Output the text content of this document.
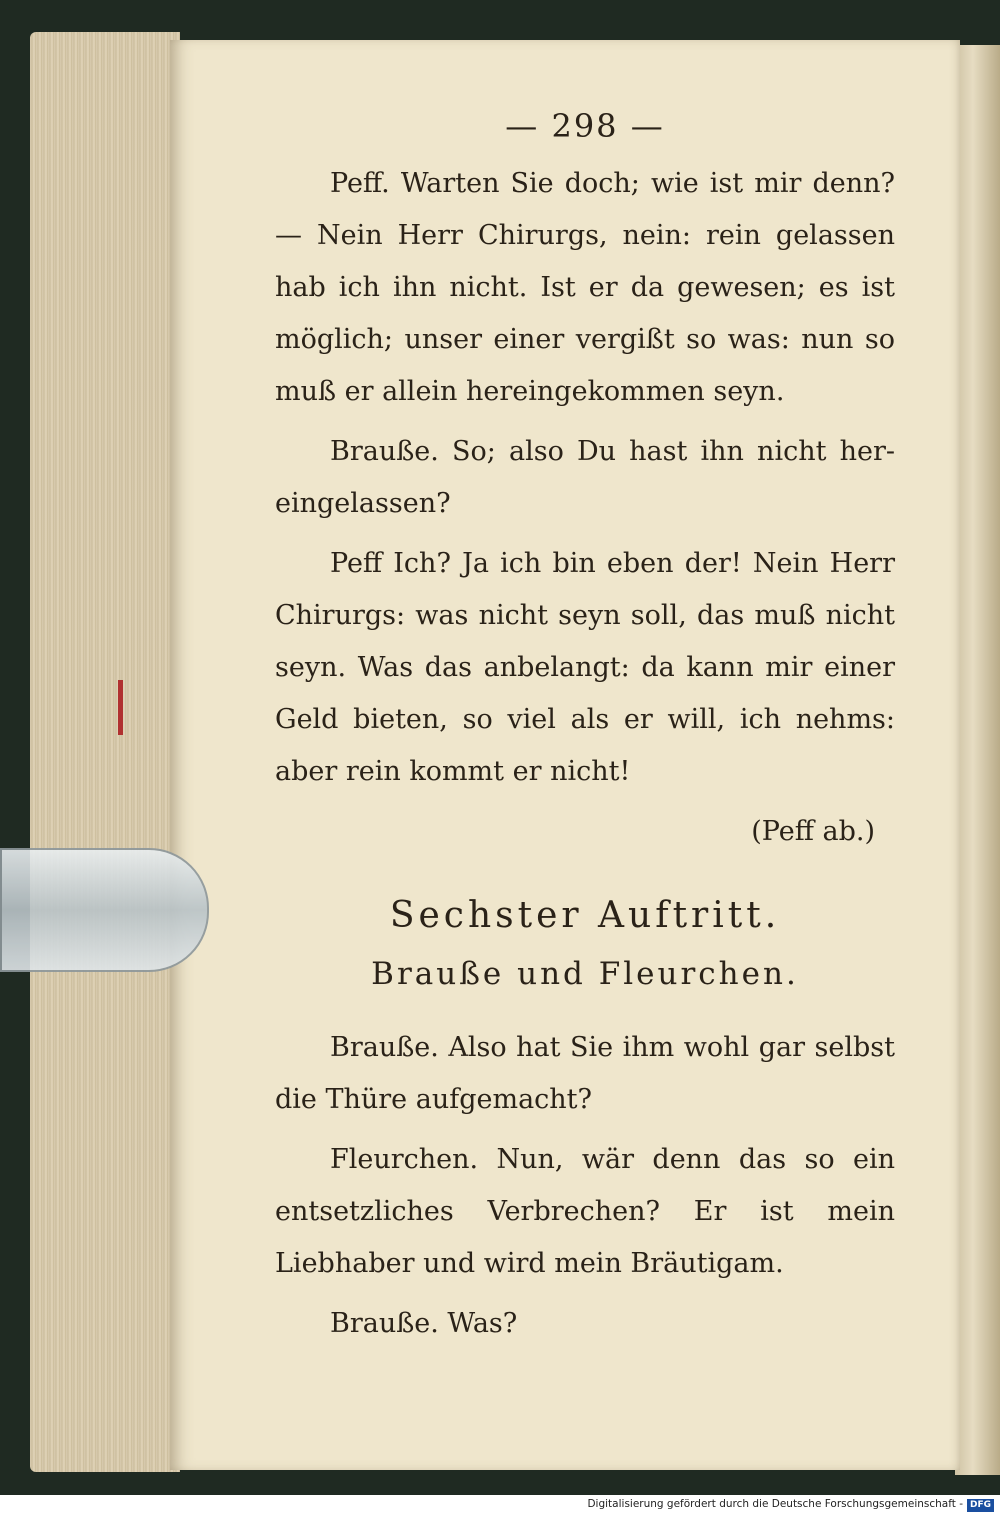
— 298 —

Peff. Warten Sie doch; wie ist mir denn? — Nein Herr Chirurgs, nein: rein gelassen hab ich ihn nicht. Ist er da gewesen; es ist möglich; unser einer vergißt so was: nun so muß er allein hereingekommen seyn.

Braußе. So; also Du hast ihn nicht her-eingelassen?

Peff Ich? Ja ich bin eben der! Nein Herr Chirurgs: was nicht seyn soll, das muß nicht seyn. Was das anbelangt: da kann mir einer Geld bieten, so viel als er will, ich nehms: aber rein kommt er nicht!

(Peff ab.)
Sechster Auftritt.
Brauße und Fleurchen.

Brauße. Also hat Sie ihm wohl gar selbst die Thüre aufgemacht?

Fleurchen. Nun, wär denn das so ein entsetzliches Verbrechen? Er ist mein Liebhaber und wird mein Bräutigam.

Brauße. Was?

Digitalisierung gefördert durch die Deutsche Forschungsgemeinschaft - DFG
